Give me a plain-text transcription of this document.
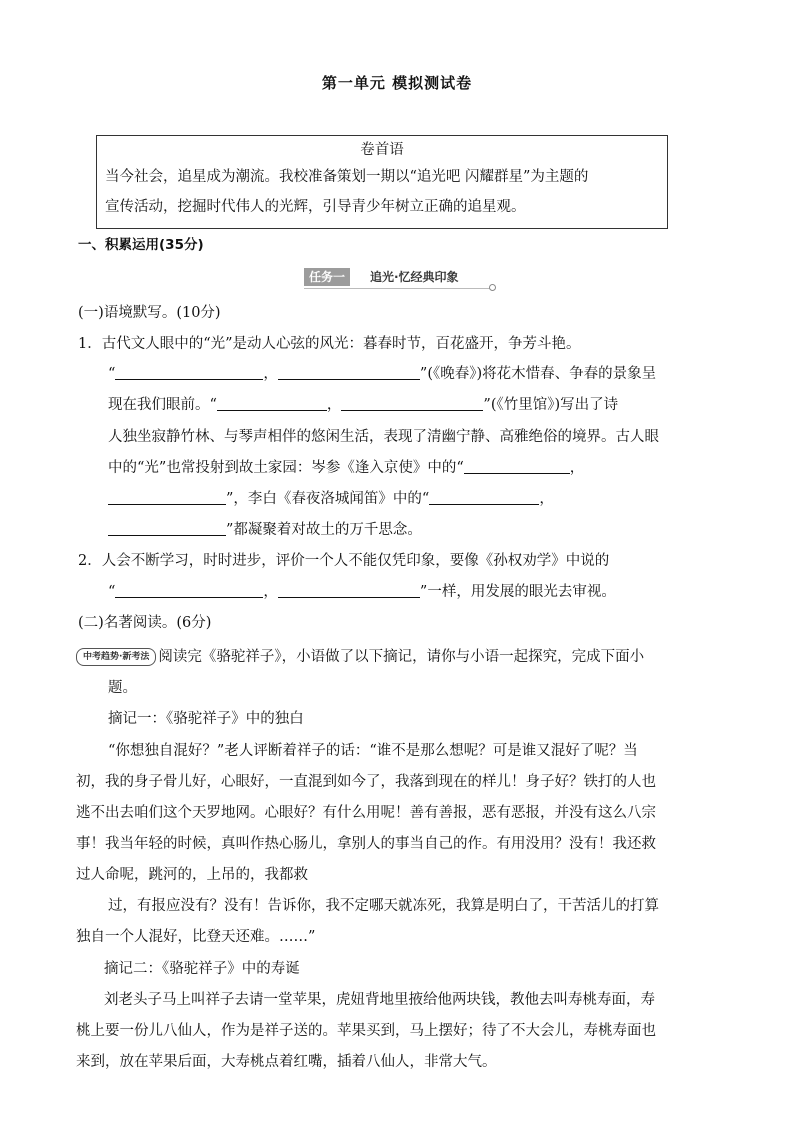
第一单元 模拟测试卷
卷首语
当今社会，追星成为潮流。我校准备策划一期以“追光吧 闪耀群星”为主题的
宣传活动，挖掘时代伟人的光辉，引导青少年树立正确的追星观。
一、积累运用(35分)
任务一	追光·忆经典印象
(一)语境默写。(10分)
1．古代文人眼中的“光”是动人心弦的风光：暮春时节，百花盛开，争芳斗艳。
“	，	”(《晚春》)将花木惜春、争春的景象呈
现在我们眼前。“	，	”(《竹里馆》)写出了诗
人独坐寂静竹林、与琴声相伴的悠闲生活，表现了清幽宁静、高雅绝俗的境界。古人眼
中的“光”也常投射到故土家园：岑参《逢入京使》中的“	，
”，李白《春夜洛城闻笛》中的“	，
”都凝聚着对故土的万千思念。
2．人会不断学习，时时进步，评价一个人不能仅凭印象，要像《孙权劝学》中说的
“	，	”一样，用发展的眼光去审视。
(二)名著阅读。(6分)
中考趋势·新考法 阅读完《骆驼祥子》，小语做了以下摘记，请你与小语一起探究，完成下面小
题。
摘记一：《骆驼祥子》中的独白
“你想独自混好？”老人评断着祥子的话：“谁不是那么想呢？可是谁又混好了呢？当
初，我的身子骨儿好，心眼好，一直混到如今了，我落到现在的样儿！身子好？铁打的人也
逃不出去咱们这个天罗地网。心眼好？有什么用呢！善有善报，恶有恶报，并没有这么八宗
事！我当年轻的时候，真叫作热心肠儿，拿别人的事当自己的作。有用没用？没有！我还救
过人命呢，跳河的，上吊的，我都救
过，有报应没有？没有！告诉你，我不定哪天就冻死，我算是明白了，干苦活儿的打算
独自一个人混好，比登天还难。……”
摘记二：《骆驼祥子》中的寿诞
刘老头子马上叫祥子去请一堂苹果，虎妞背地里掖给他两块钱，教他去叫寿桃寿面，寿
桃上要一份儿八仙人，作为是祥子送的。苹果买到，马上摆好；待了不大会儿，寿桃寿面也
来到，放在苹果后面，大寿桃点着红嘴，插着八仙人，非常大气。
